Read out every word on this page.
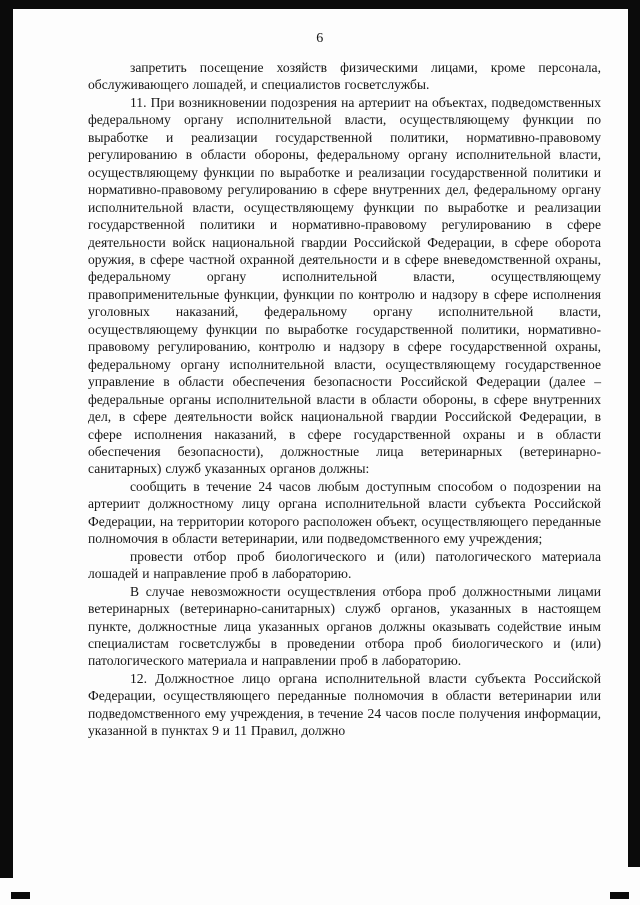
6

запретить посещение хозяйств физическими лицами, кроме персонала, обслуживающего лошадей, и специалистов госветслужбы.

11. При возникновении подозрения на артериит на объектах, подведомственных федеральному органу исполнительной власти, осуществляющему функции по выработке и реализации государственной политики, нормативно-правовому регулированию в области обороны, федеральному органу исполнительной власти, осуществляющему функции по выработке и реализации государственной политики и нормативно-правовому регулированию в сфере внутренних дел, федеральному органу исполнительной власти, осуществляющему функции по выработке и реализации государственной политики и нормативно-правовому регулированию в сфере деятельности войск национальной гвардии Российской Федерации, в сфере оборота оружия, в сфере частной охранной деятельности и в сфере вневедомственной охраны, федеральному органу исполнительной власти, осуществляющему правоприменительные функции, функции по контролю и надзору в сфере исполнения уголовных наказаний, федеральному органу исполнительной власти, осуществляющему функции по выработке государственной политики, нормативно-правовому регулированию, контролю и надзору в сфере государственной охраны, федеральному органу исполнительной власти, осуществляющему государственное управление в области обеспечения безопасности Российской Федерации (далее – федеральные органы исполнительной власти в области обороны, в сфере внутренних дел, в сфере деятельности войск национальной гвардии Российской Федерации, в сфере исполнения наказаний, в сфере государственной охраны и в области обеспечения безопасности), должностные лица ветеринарных (ветеринарно-санитарных) служб указанных органов должны:

сообщить в течение 24 часов любым доступным способом о подозрении на артериит должностному лицу органа исполнительной власти субъекта Российской Федерации, на территории которого расположен объект, осуществляющего переданные полномочия в области ветеринарии, или подведомственного ему учреждения;

провести отбор проб биологического и (или) патологического материала лошадей и направление проб в лабораторию.

В случае невозможности осуществления отбора проб должностными лицами ветеринарных (ветеринарно-санитарных) служб органов, указанных в настоящем пункте, должностные лица указанных органов должны оказывать содействие иным специалистам госветслужбы в проведении отбора проб биологического и (или) патологического материала и направлении проб в лабораторию.

12. Должностное лицо органа исполнительной власти субъекта Российской Федерации, осуществляющего переданные полномочия в области ветеринарии или подведомственного ему учреждения, в течение 24 часов после получения информации, указанной в пунктах 9 и 11 Правил, должно
